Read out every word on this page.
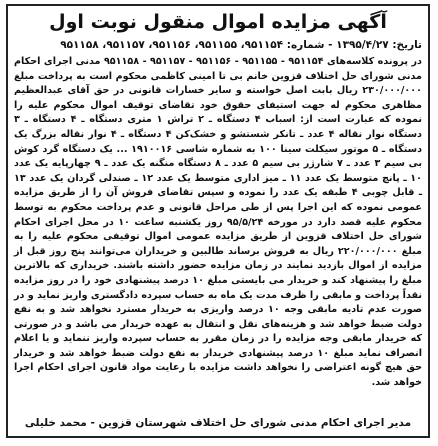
آگهی مزایده اموال منقول نوبت اول
تاریخ: ۱۳۹۵/۴/۲۷ - شماره: ۹۵۱۱۵۴، ۹۵۱۱۵۵، ۹۵۱۱۵۶، ۹۵۱۱۵۷، ۹۵۱۱۵۸
در پرونده کلاسه‌های ۹۵۱۱۵۴ - ۹۵۱۱۵۵ - ۹۵۱۱۵۶ - ۹۵۱۱۵۷ - ۹۵۱۱۵۸ مدنی اجرای احکام مدنی شورای حل اختلاف قزوین خانم بی تا امینی کاظمی محکوم است به پرداخت مبلغ ۲۳۰/۰۰۰/۰۰۰ ریال بابت اصل خواسته و سایر خسارات قانونی در حق آقای عبدالعظیم مظاهری محکوم له جهت استیفای حقوق خود تقاضای توقیف اموال محکوم علیه را نموده که عبارت است از: اسباب ۴ دستگاه ـ ۲ تراش ۱ متری دستگاه ـ ۴ دستگاه ـ ۳ دستگاه نوار نقاله ۴ عدد ـ تانکر شستشو و خشک‌کن ۴ دستگاه ـ ۴ نوار نقاله بزرگ یک دستگاه ـ ۵ موتور سیکلت سینا ۱۰۰ به شماره شاسی ۱۹۱۰۰۱۶ ... یک دستگاه گرد کوش بی سیم ۳ عدد ـ ۷ شارژر بی سیم ۵ عدد ـ ۸ دستگاه منگنه یک عدد ـ ۹ چهارپایه یک عدد ۱۰ ـ پانچ متوسط یک عدد ۱۱ ـ میز اداری متوسط یک عدد ۱۲ ـ صندلی گردان یک عدد ۱۳ ـ قابل چوبی ۴ طبقه یک عدد را نموده و سپس تقاضای فروش آن را از طریق مزایده عمومی نموده که این اجرا پس از طی مراحل قانونی و عدم پرداخت محکوم به توسط محکوم علیه قصد دارد در مورخه ۹۵/۵/۲۴ روز یکشنبه ساعت ۱۰ در محل اجرای احکام شورای حل اختلاف قزوین از طریق مزایده عمومی اموال توقیفی محکوم علیه را به مبلغ ۲۲۰/۰۰۰/۰۰۰ ریال به فروش برساند طالبین و خریداران می‌توانند پنج روز قبل از مزایده از اموال بازدید نمایند در زمان مزایده حضور داشته باشند. خریداری که بالاترین مبلغ را پیشنهاد کند و خریدار می بایستی مبلغ ۱۰ درصد پیشنهادی خود را در روز مزایده نقداً پرداخت و مابقی را ظرف مدت یک ماه به حساب سپرده دادگستری واریز نماید و در صورت عدم تادیه مابقی وجه ۱۰ درصد واریزی به خریدار مسترد نخواهد شد و به نفع دولت ضبط خواهد شد و هزینه‌های نقل و انتقال به عهده خریدار می باشد و در صورتی که خریدار مابقی وجه مزایده را در زمان مقرر به حساب سپرده واریز ننماید و یا اعلام انصراف نماید مبلغ ۱۰ درصد پیشنهادی خریدار به نفع دولت ضبط خواهد شد و خریدار حق هیچ گونه اعتراضی را نخواهد داشت مزایده با رعایت مواد قانون اجرای احکام اجرا خواهد شد.
مدیر اجرای احکام مدنی شورای حل اختلاف شهرستان قزوین - محمد خلیلی
